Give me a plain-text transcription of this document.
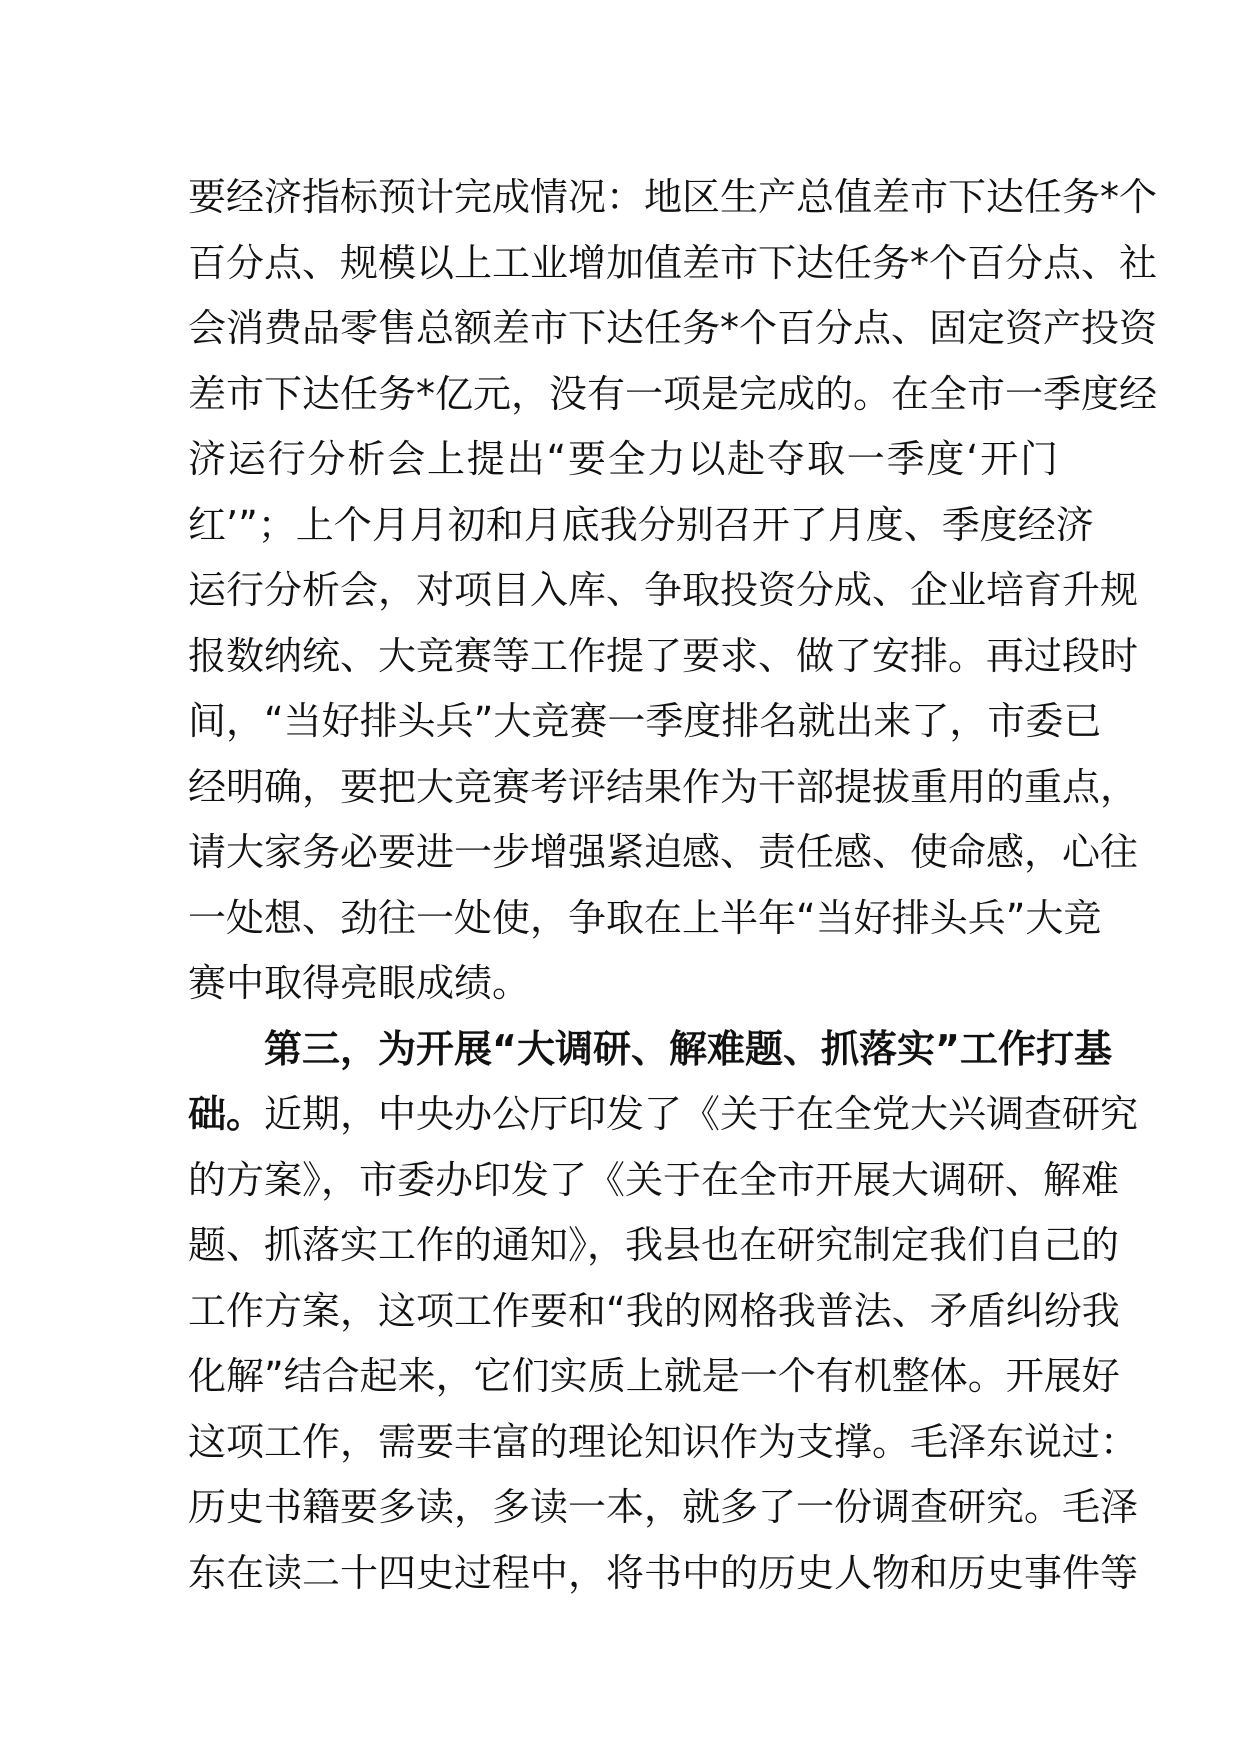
要经济指标预计完成情况：地区生产总值差市下达任务*个
百分点、规模以上工业增加值差市下达任务*个百分点、社
会消费品零售总额差市下达任务*个百分点、固定资产投资
差市下达任务*亿元，没有一项是完成的。在全市一季度经
济运行分析会上提出“要全力以赴夺取一季度‘开门
红’”；上个月月初和月底我分别召开了月度、季度经济
运行分析会，对项目入库、争取投资分成、企业培育升规
报数纳统、大竞赛等工作提了要求、做了安排。再过段时
间，“当好排头兵”大竞赛一季度排名就出来了，市委已
经明确，要把大竞赛考评结果作为干部提拔重用的重点，
请大家务必要进一步增强紧迫感、责任感、使命感，心往
一处想、劲往一处使，争取在上半年“当好排头兵”大竞
赛中取得亮眼成绩。
第三，为开展“大调研、解难题、抓落实”工作打基
础。近期，中央办公厅印发了《关于在全党大兴调查研究
的方案》，市委办印发了《关于在全市开展大调研、解难
题、抓落实工作的通知》，我县也在研究制定我们自己的
工作方案，这项工作要和“我的网格我普法、矛盾纠纷我
化解”结合起来，它们实质上就是一个有机整体。开展好
这项工作，需要丰富的理论知识作为支撑。毛泽东说过：
历史书籍要多读，多读一本，就多了一份调查研究。毛泽
东在读二十四史过程中，将书中的历史人物和历史事件等
